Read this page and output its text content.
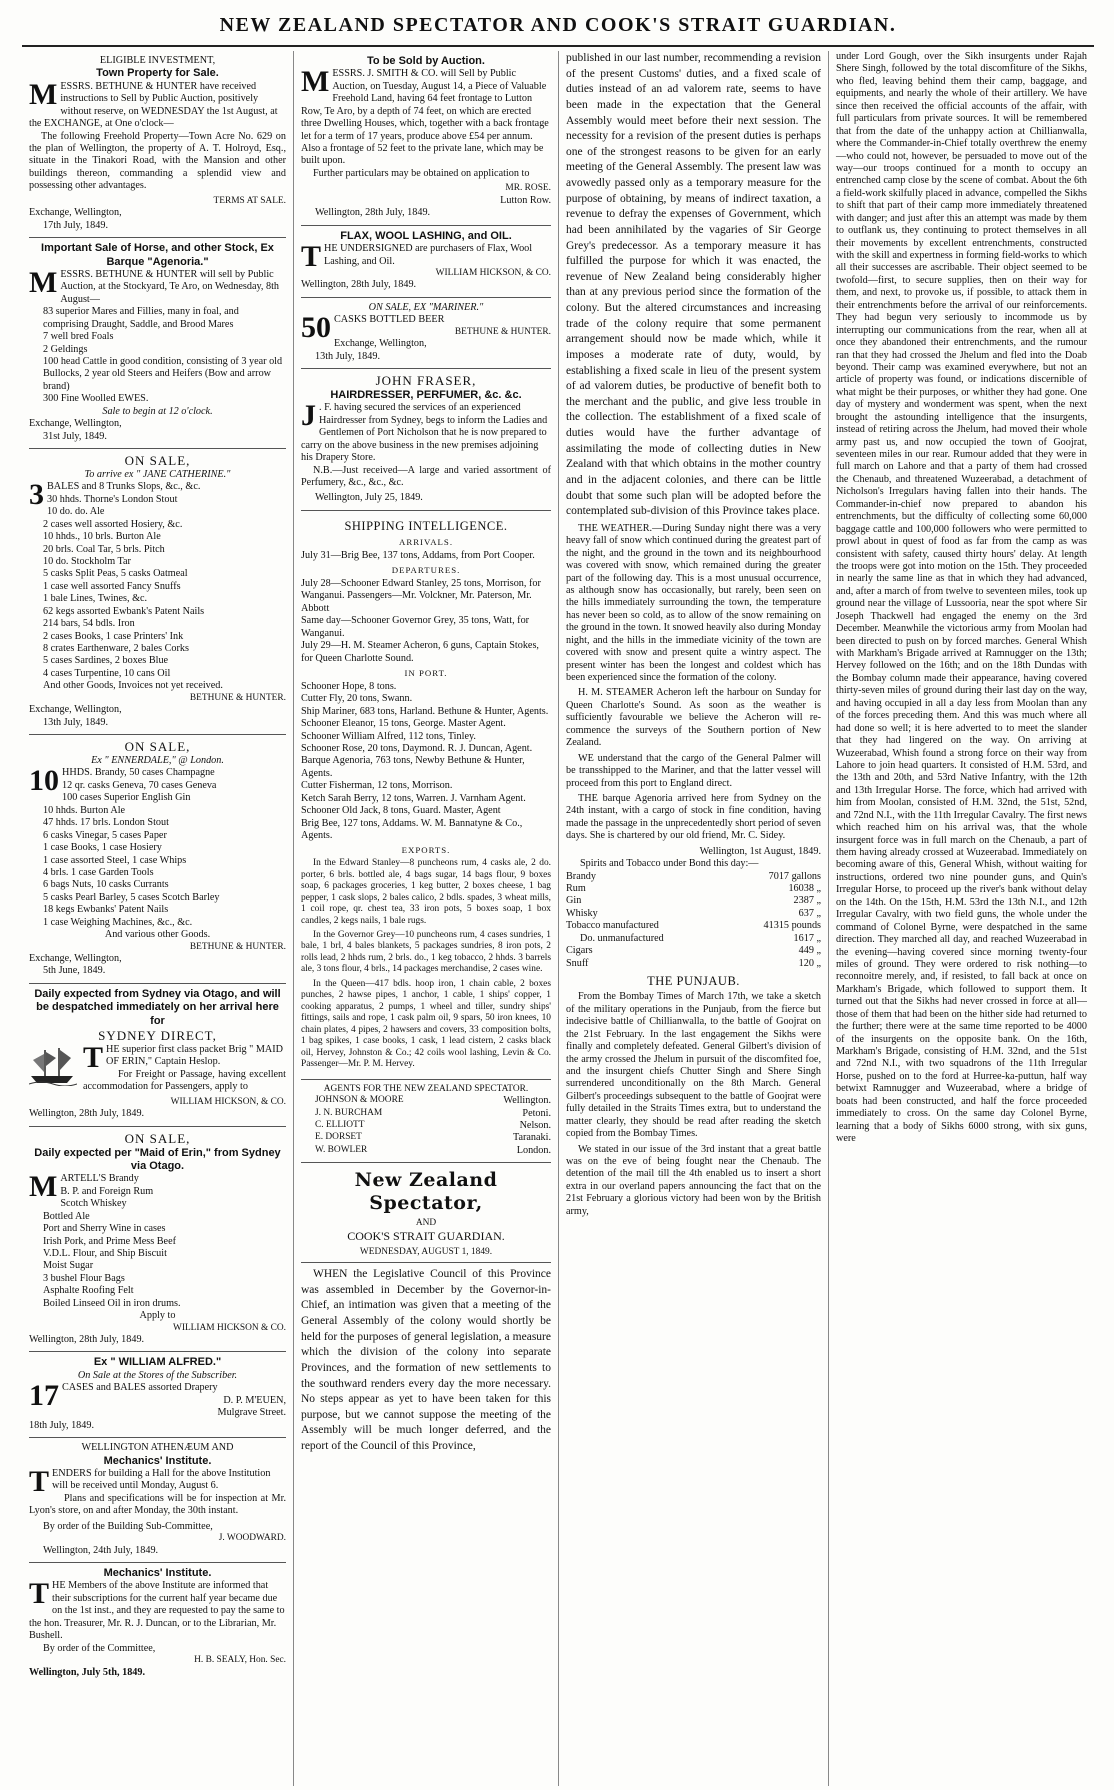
NEW ZEALAND SPECTATOR AND COOK'S STRAIT GUARDIAN.
ELIGIBLE INVESTMENT,
Town Property for Sale.
MESSRS. BETHUNE & HUNTER have received instructions to Sell by Public Auction, positively without reserve, on WEDNESDAY the 1st August, at the EXCHANGE, at One o'clock—
The following Freehold Property—Town Acre No. 629 on the plan of Wellington, the property of A. T. Holroyd, Esq., situate in the Tinakori Road, with the Mansion and other buildings thereon, commanding a splendid view and possessing other advantages.
TERMS AT SALE.
Exchange, Wellington,
17th July, 1849.
Important Sale of Horse, and other Stock, Ex Barque "Agenoria."
MESSRS. BETHUNE & HUNTER will sell by Public Auction, at the Stockyard, Te Aro, on Wednesday, 8th August—
83 superior Mares and Fillies, many in foal, and comprising Draught, Saddle, and Brood Mares
7 well bred Foals
2 Geldings
100 head Cattle in good condition, consisting of 3 year old Bullocks, 2 year old Steers and Heifers (Bow and arrow brand)
300 Fine Woolled EWES.
Sale to begin at 12 o'clock.
Exchange, Wellington,
31st July, 1849.
ON SALE,
To arrive ex " JANE CATHERINE."
3 BALES and 8 Trunks Slops, &c., &c.
30 hhds. Thorne's London Stout
10 do. do. Ale
2 cases well assorted Hosiery, &c.
10 hhds., 10 brls. Burton Ale
20 brls. Coal Tar, 5 brls. Pitch
10 do. Stockholm Tar
5 casks Split Peas, 5 casks Oatmeal
1 case well assorted Fancy Snuffs
1 bale Lines, Twines, &c.
62 kegs assorted Ewbank's Patent Nails
214 bars, 54 bdls. Iron
2 cases Books, 1 case Printers' Ink
8 crates Earthenware, 2 bales Corks
5 cases Sardines, 2 boxes Blue
4 cases Turpentine, 10 cans Oil
And other Goods, Invoices not yet received.
BETHUNE & HUNTER.
Exchange, Wellington,
13th July, 1849.
ON SALE,
Ex " ENNERDALE," @ London.
10 HHDS. Brandy, 50 cases Champagne
12 qr. casks Geneva, 70 cases Geneva
100 cases Superior English Gin
10 hhds. Burton Ale
47 hhds. 17 brls. London Stout
6 casks Vinegar, 5 cases Paper
1 case Books, 1 case Hosiery
1 case assorted Steel, 1 case Whips
4 brls. 1 case Garden Tools
6 bags Nuts, 10 casks Currants
5 casks Pearl Barley, 5 cases Scotch Barley
18 kegs Ewbanks' Patent Nails
1 case Weighing Machines, &c., &c.
And various other Goods.
BETHUNE & HUNTER.
Exchange, Wellington,
5th June, 1849.
Daily expected from Sydney via Otago, and will be despatched immediately on her arrival here for
SYDNEY DIRECT,
THE superior first class packet Brig " MAID OF ERIN," Captain Heslop.
For Freight or Passage, having excellent accommodation for Passengers, apply to
WILLIAM HICKSON, & CO.
Wellington, 28th July, 1849.
ON SALE,
Daily expected per "Maid of Erin," from Sydney via Otago.
MARTELL'S Brandy
B. P. and Foreign Rum
Scotch Whiskey
Bottled Ale
Port and Sherry Wine in cases
Irish Pork, and Prime Mess Beef
V.D.L. Flour, and Ship Biscuit
Moist Sugar
3 bushel Flour Bags
Asphalte Roofing Felt
Boiled Linseed Oil in iron drums.
Apply to
WILLIAM HICKSON & CO.
Wellington, 28th July, 1849.
Ex " WILLIAM ALFRED."
On Sale at the Stores of the Subscriber.
17 CASES and BALES assorted Drapery
D. P. M'EUEN,
Mulgrave Street.
18th July, 1849.
WELLINGTON ATHENÆUM AND
Mechanics' Institute.
TENDERS for building a Hall for the above Institution will be received until Monday, August 6.
Plans and specifications will be for inspection at Mr. Lyon's store, on and after Monday, the 30th instant.
By order of the Building Sub-Committee,
J. WOODWARD.
Wellington, 24th July, 1849.
Mechanics' Institute.
THE Members of the above Institute are informed that their subscriptions for the current half year became due on the 1st inst., and they are requested to pay the same to the hon. Treasurer, Mr. R. J. Duncan, or to the Librarian, Mr. Bushell.
By order of the Committee,
H. B. SEALY, Hon. Sec.
Wellington, July 5th, 1849.
To be Sold by Auction.
MESSRS. J. SMITH & CO. will Sell by Public Auction, on Tuesday, August 14, a Piece of Valuable Freehold Land, having 64 feet frontage to Lutton Row, Te Aro, by a depth of 74 feet, on which are erected three Dwelling Houses, which, together with a back frontage let for a term of 17 years, produce above £54 per annum. Also a frontage of 52 feet to the private lane, which may be built upon.
Further particulars may be obtained on application to
MR. ROSE.
Lutton Row.
Wellington, 28th July, 1849.
FLAX, WOOL LASHING, and OIL.
THE UNDERSIGNED are purchasers of Flax, Wool Lashing, and Oil.
WILLIAM HICKSON, & CO.
Wellington, 28th July, 1849.
ON SALE, EX "MARINER."
50 CASKS BOTTLED BEER
BETHUNE & HUNTER.
Exchange, Wellington,
13th July, 1849.
JOHN FRASER,
HAIRDRESSER, PERFUMER, &c. &c.
J . F. having secured the services of an experienced Hairdresser from Sydney, begs to inform the Ladies and Gentlemen of Port Nicholson that he is now prepared to carry on the above business in the new premises adjoining his Drapery Store.
N.B.—Just received—A large and varied assortment of Perfumery, &c., &c., &c.
Wellington, July 25, 1849.
SHIPPING INTELLIGENCE.
ARRIVALS.
July 31—Brig Bee, 137 tons, Addams, from Port Cooper.
DEPARTURES.
July 28—Schooner Edward Stanley, 25 tons, Morrison, for Wanganui. Passengers—Mr. Volckner, Mr. Paterson, Mr. Abbott
Same day—Schooner Governor Grey, 35 tons, Watt, for Wanganui.
July 29—H. M. Steamer Acheron, 6 guns, Captain Stokes, for Queen Charlotte Sound.
IN PORT.
Schooner Hope, 8 tons.
Cutter Fly, 20 tons, Swann.
Ship Mariner, 683 tons, Harland. Bethune & Hunter, Agents.
Schooner Eleanor, 15 tons, George. Master Agent.
Schooner William Alfred, 112 tons, Tinley.
Schooner Rose, 20 tons, Daymond. R. J. Duncan, Agent.
Barque Agenoria, 763 tons, Newby Bethune & Hunter, Agents.
Cutter Fisherman, 12 tons, Morrison.
Ketch Sarah Berry, 12 tons, Warren. J. Varnham Agent.
Schooner Old Jack, 8 tons, Guard. Master, Agent
Brig Bee, 127 tons, Addams. W. M. Bannatyne & Co., Agents.
EXPORTS.
In the Edward Stanley—8 puncheons rum, 4 casks ale, 2 do. porter, 6 brls. bottled ale, 4 bags sugar, 14 bags flour, 9 boxes soap, 6 packages groceries, 1 keg butter, 2 boxes cheese, 1 bag pepper, 1 cask slops, 2 bales calico, 2 bdls. spades, 3 wheat mills, 1 coil rope, qr. chest tea, 33 iron pots, 5 boxes soap, 1 box candles, 2 kegs nails, 1 bale rugs.
In the Governor Grey—10 puncheons rum, 4 cases sundries, 1 bale, 1 brl, 4 bales blankets, 5 packages sundries, 8 iron pots, 2 rolls lead, 2 hhds rum, 2 brls. do., 1 keg tobacco, 2 hhds. 3 barrels ale, 3 tons flour, 4 brls., 14 packages merchandise, 2 cases wine.
In the Queen—417 bdls. hoop iron, 1 chain cable, 2 boxes punches, 2 hawse pipes, 1 anchor, 1 cable, 1 ships' copper, 1 cooking apparatus, 2 pumps, 1 wheel and tiller, sundry ships' fittings, sails and rope, 1 cask palm oil, 9 spars, 50 iron knees, 10 chain plates, 4 pipes, 2 hawsers and covers, 33 composition bolts, 1 bag spikes, 1 case books, 1 cask, 1 lead cistern, 2 casks black oil, Hervey, Johnston & Co.; 42 coils wool lashing, Levin & Co. Passenger—Mr. P. M. Hervey.
AGENTS FOR THE NEW ZEALAND SPECTATOR.
JOHNSON & MOORE	Wellington.
J. N. BURCHAM	Petoni.
C. ELLIOTT	Nelson.
E. DORSET	Taranaki.
W. BOWLER	London.
New Zealand Spectator,
AND
COOK'S STRAIT GUARDIAN.
WEDNESDAY, AUGUST 1, 1849.
WHEN the Legislative Council of this Province was assembled in December by the Governor-in-Chief, an intimation was given that a meeting of the General Assembly of the colony would shortly be held for the purposes of general legislation, a measure which the division of the colony into separate Provinces, and the formation of new settlements to the southward renders every day the more necessary. No steps appear as yet to have been taken for this purpose, but we cannot suppose the meeting of the Assembly will be much longer deferred, and the report of the Council of this Province,
published in our last number, recommending a revision of the present Customs' duties, and a fixed scale of duties instead of an ad valorem rate, seems to have been made in the expectation that the General Assembly would meet before their next session. The necessity for a revision of the present duties is perhaps one of the strongest reasons to be given for an early meeting of the General Assembly. The present law was avowedly passed only as a temporary measure for the purpose of obtaining, by means of indirect taxation, a revenue to defray the expenses of Government, which had been annihilated by the vagaries of Sir George Grey's predecessor. As a temporary measure it has fulfilled the purpose for which it was enacted, the revenue of New Zealand being considerably higher than at any previous period since the formation of the colony. But the altered circumstances and increasing trade of the colony require that some permanent arrangement should now be made which, while it imposes a moderate rate of duty, would, by establishing a fixed scale in lieu of the present system of ad valorem duties, be productive of benefit both to the merchant and the public, and give less trouble in the collection. The establishment of a fixed scale of duties would have the further advantage of assimilating the mode of collecting duties in New Zealand with that which obtains in the mother country and in the adjacent colonies, and there can be little doubt that some such plan will be adopted before the contemplated sub-division of this Province takes place.
THE WEATHER.—During Sunday night there was a very heavy fall of snow which continued during the greatest part of the night, and the ground in the town and its neighbourhood was covered with snow, which remained during the greater part of the following day. This is a most unusual occurrence, as although snow has occasionally, but rarely, been seen on the hills immediately surrounding the town, the temperature has never been so cold, as to allow of the snow remaining on the ground in the town. It snowed heavily also during Monday night, and the hills in the immediate vicinity of the town are covered with snow and present quite a wintry aspect. The present winter has been the longest and coldest which has been experienced since the formation of the colony.
H. M. STEAMER Acheron left the harbour on Sunday for Queen Charlotte's Sound. As soon as the weather is sufficiently favourable we believe the Acheron will re-commence the surveys of the Southern portion of New Zealand.
WE understand that the cargo of the General Palmer will be transshipped to the Mariner, and that the latter vessel will proceed from this port to England direct.
THE barque Agenoria arrived here from Sydney on the 24th instant, with a cargo of stock in fine condition, having made the passage in the unprecedentedly short period of seven days. She is chartered by our old friend, Mr. C. Sidey.
Wellington, 1st August, 1849.
Spirits and Tobacco under Bond this day:—
Brandy	7017 gallons
Rum	16038 „
Gin	2387 „
Whisky	637 „
Tobacco manufactured	41315 pounds
Do. unmanufactured	1617 „
Cigars	449 „
Snuff	120 „
THE PUNJAUB.
From the Bombay Times of March 17th, we take a sketch of the military operations in the Punjaub, from the fierce but indecisive battle of Chillianwalla, to the battle of Goojrat on the 21st February. In the last engagement the Sikhs were finally and completely defeated. General Gilbert's division of the army crossed the Jhelum in pursuit of the discomfited foe, and the insurgent chiefs Chutter Singh and Shere Singh surrendered unconditionally on the 8th March. General Gilbert's proceedings subsequent to the battle of Goojrat were fully detailed in the Straits Times extra, but to understand the matter clearly, they should be read after reading the sketch copied from the Bombay Times.
We stated in our issue of the 3rd instant that a great battle was on the eve of being fought near the Chenaub. The detention of the mail till the 4th enabled us to insert a short extra in our overland papers announcing the fact that on the 21st February a glorious victory had been won by the British army,
under Lord Gough, over the Sikh insurgents under Rajah Shere Singh, followed by the total discomfiture of the Sikhs, who fled, leaving behind them their camp, baggage, and equipments, and nearly the whole of their artillery. We have since then received the official accounts of the affair, with full particulars from private sources. It will be remembered that from the date of the unhappy action at Chillianwalla, where the Commander-in-Chief totally overthrew the enemy—who could not, however, be persuaded to move out of the way—our troops continued for a month to occupy an entrenched camp close by the scene of combat. About the 6th a field-work skilfully placed in advance, compelled the Sikhs to shift that part of their camp more immediately threatened with danger; and just after this an attempt was made by them to outflank us, they continuing to protect themselves in all their movements by excellent entrenchments, constructed with the skill and expertness in forming field-works to which all their successes are ascribable. Their object seemed to be twofold—first, to secure supplies, then on their way for them, and next, to provoke us, if possible, to attack them in their entrenchments before the arrival of our reinforcements. They had begun very seriously to incommode us by interrupting our communications from the rear, when all at once they abandoned their entrenchments, and the rumour ran that they had crossed the Jhelum and fled into the Doab beyond. Their camp was examined everywhere, but not an article of property was found, or indications discernible of what might be their purposes, or whither they had gone. One day of mystery and wonderment was spent, when the next brought the astounding intelligence that the insurgents, instead of retiring across the Jhelum, had moved their whole army past us, and now occupied the town of Goojrat, seventeen miles in our rear. Rumour added that they were in full march on Lahore and that a party of them had crossed the Chenaub, and threatened Wuzeerabad, a detachment of Nicholson's Irregulars having fallen into their hands. The Commander-in-chief now prepared to abandon his entrenchments, but the difficulty of collecting some 60,000 baggage cattle and 100,000 followers who were permitted to prowl about in quest of food as far from the camp as was consistent with safety, caused thirty hours' delay. At length the troops were got into motion on the 15th. They proceeded in nearly the same line as that in which they had advanced, and, after a march of from twelve to seventeen miles, took up ground near the village of Lussooria, near the spot where Sir Joseph Thackwell had engaged the enemy on the 3rd December. Meanwhile the victorious army from Moolan had been directed to push on by forced marches. General Whish with Markham's Brigade arrived at Ramnugger on the 13th; Hervey followed on the 16th; and on the 18th Dundas with the Bombay column made their appearance, having covered thirty-seven miles of ground during their last day on the way, and having occupied in all a day less from Moolan than any of the forces preceding them. And this was much where all had done so well; it is here adverted to to meet the slander that they had lingered on the way. On arriving at Wuzeerabad, Whish found a strong force on their way from Lahore to join head quarters. It consisted of H.M. 53rd, and the 13th and 20th, and 53rd Native Infantry, with the 12th and 13th Irregular Horse. The force, which had arrived with him from Moolan, consisted of H.M. 32nd, the 51st, 52nd, and 72nd N.I., with the 11th Irregular Cavalry. The first news which reached him on his arrival was, that the whole insurgent force was in full march on the Chenaub, a part of them having already crossed at Wuzeerabad. Immediately on becoming aware of this, General Whish, without waiting for instructions, ordered two nine pounder guns, and Quin's Irregular Horse, to proceed up the river's bank without delay on the 14th. On the 15th, H.M. 53rd the 13th N.I., and 12th Irregular Cavalry, with two field guns, the whole under the command of Colonel Byrne, were despatched in the same direction. They marched all day, and reached Wuzeerabad in the evening—having covered since morning twenty-four miles of ground. They were ordered to risk nothing—to reconnoitre merely, and, if resisted, to fall back at once on Markham's Brigade, which followed to support them. It turned out that the Sikhs had never crossed in force at all—those of them that had been on the hither side had returned to the further; there were at the same time reported to be 4000 of the insurgents on the opposite bank. On the 16th, Markham's Brigade, consisting of H.M. 32nd, and the 51st and 72nd N.I., with two squadrons of the 11th Irregular Horse, pushed on to the ford at Hurree-ka-puttun, half way betwixt Ramnugger and Wuzeerabad, where a bridge of boats had been constructed, and half the force proceeded immediately to cross. On the same day Colonel Byrne, learning that a body of Sikhs 6000 strong, with six guns, were
